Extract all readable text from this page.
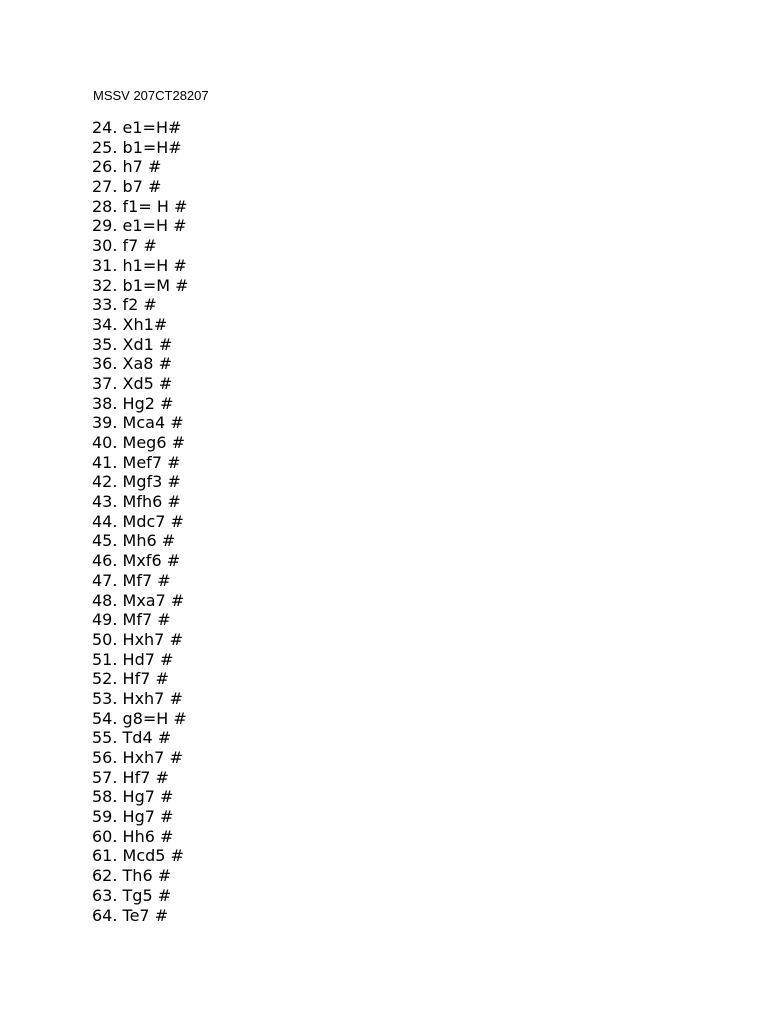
MSSV 207CT28207
24. e1=H#
25. b1=H#
26. h7 #
27. b7 #
28. f1= H #
29. e1=H #
30. f7 #
31. h1=H #
32. b1=M #
33. f2 #
34. Xh1#
35. Xd1 #
36. Xa8 #
37. Xd5 #
38. Hg2 #
39. Mca4 #
40. Meg6 #
41. Mef7 #
42. Mgf3 #
43. Mfh6 #
44. Mdc7 #
45. Mh6 #
46. Mxf6 #
47. Mf7 #
48. Mxa7 #
49. Mf7 #
50. Hxh7 #
51. Hd7 #
52. Hf7 #
53. Hxh7 #
54. g8=H #
55. Td4 #
56. Hxh7 #
57. Hf7 #
58. Hg7 #
59. Hg7 #
60. Hh6 #
61. Mcd5 #
62. Th6 #
63. Tg5 #
64. Te7 #
